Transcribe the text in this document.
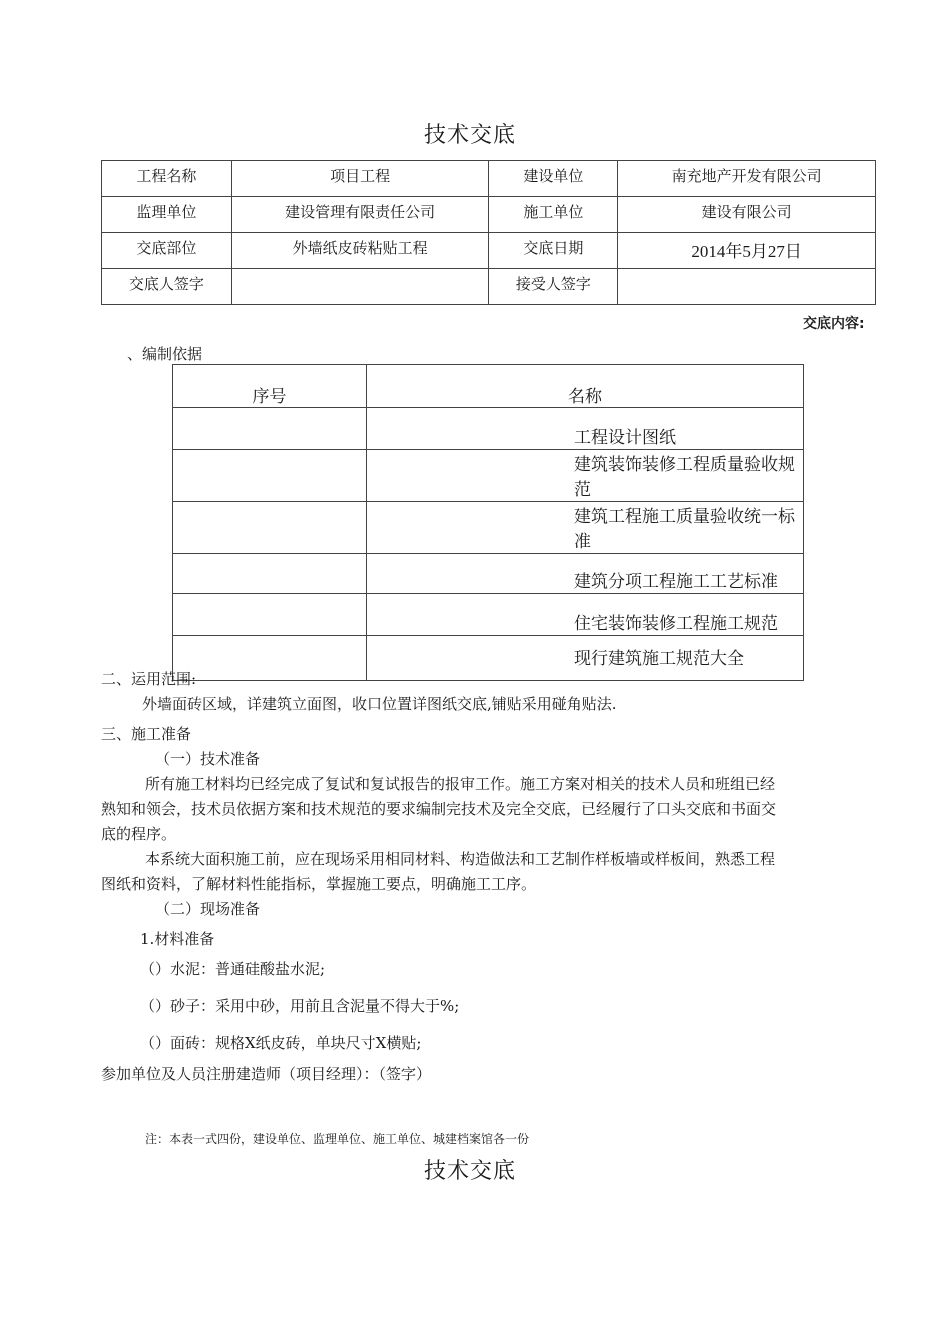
技术交底
工程名称	项目工程	建设单位	南充地产开发有限公司
监理单位	建设管理有限责任公司	施工单位	建设有限公司
交底部位	外墙纸皮砖粘贴工程	交底日期	2014年5月27日
交底人签字		接受人签字	
交底内容:
、编制依据
序号	名称
	工程设计图纸
	建筑装饰装修工程质量验收规范
	建筑工程施工质量验收统一标准
	建筑分项工程施工工艺标准
	住宅装饰装修工程施工规范
	现行建筑施工规范大全
二、运用范围:
外墙面砖区域，详建筑立面图，收口位置详图纸交底,铺贴采用碰角贴法.
三、施工准备
（一）技术准备
所有施工材料均已经完成了复试和复试报告的报审工作。施工方案对相关的技术人员和班组已经
熟知和领会，技术员依据方案和技术规范的要求编制完技术及完全交底，已经履行了口头交底和书面交
底的程序。
本系统大面积施工前，应在现场采用相同材料、构造做法和工艺制作样板墙或样板间，熟悉工程
图纸和资料，了解材料性能指标，掌握施工要点，明确施工工序。
（二）现场准备
1.材料准备
（）水泥：普通硅酸盐水泥;
（）砂子：采用中砂，用前且含泥量不得大于%;
（）面砖：规格X纸皮砖，单块尺寸X横贴;
参加单位及人员注册建造师（项目经理）：（签字）
注：本表一式四份，建设单位、监理单位、施工单位、城建档案馆各一份
技术交底
